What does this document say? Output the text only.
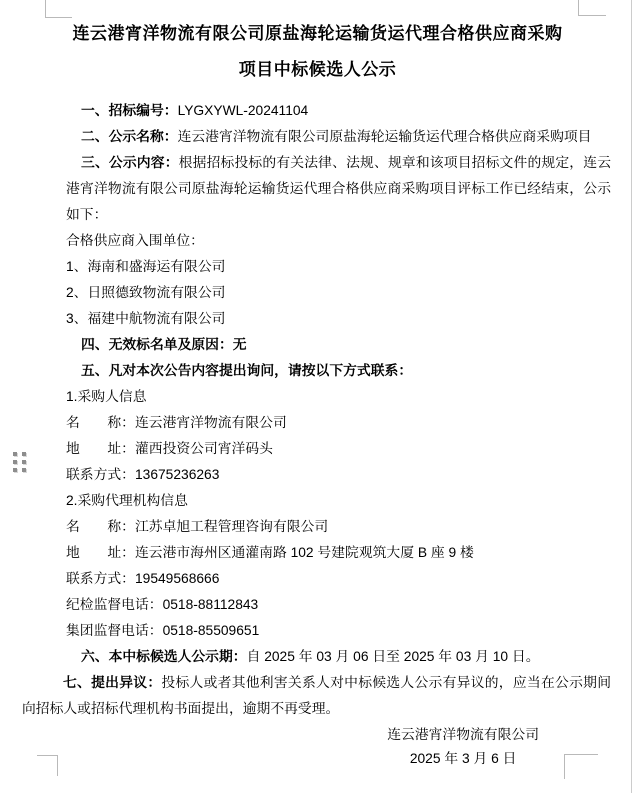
连云港宵洋物流有限公司原盐海轮运输货运代理合格供应商采购
项目中标候选人公示
一、招标编号：LYGXYWL-20241104
二、公示名称：连云港宵洋物流有限公司原盐海轮运输货运代理合格供应商采购项目
三、公示内容：根据招标投标的有关法律、法规、规章和该项目招标文件的规定，连云港宵洋物流有限公司原盐海轮运输货运代理合格供应商采购项目评标工作已经结束，公示如下：
合格供应商入围单位：
1、海南和盛海运有限公司
2、日照德致物流有限公司
3、福建中航物流有限公司
四、无效标名单及原因：无
五、凡对本次公告内容提出询问，请按以下方式联系：
1.采购人信息
名　　称：连云港宵洋物流有限公司
地　　址：灌西投资公司宵洋码头
联系方式：13675236263
2.采购代理机构信息
名　　称：江苏卓旭工程管理咨询有限公司
地　　址：连云港市海州区通灌南路 102 号建院观筑大厦 B 座 9 楼
联系方式：19549568666
纪检监督电话：0518-88112843
集团监督电话：0518-85509651
六、本中标候选人公示期：自 2025 年 03 月 06 日至 2025 年 03 月 10 日。
七、提出异议：投标人或者其他利害关系人对中标候选人公示有异议的，应当在公示期间向招标人或招标代理机构书面提出，逾期不再受理。
连云港宵洋物流有限公司
2025 年 3 月 6 日
